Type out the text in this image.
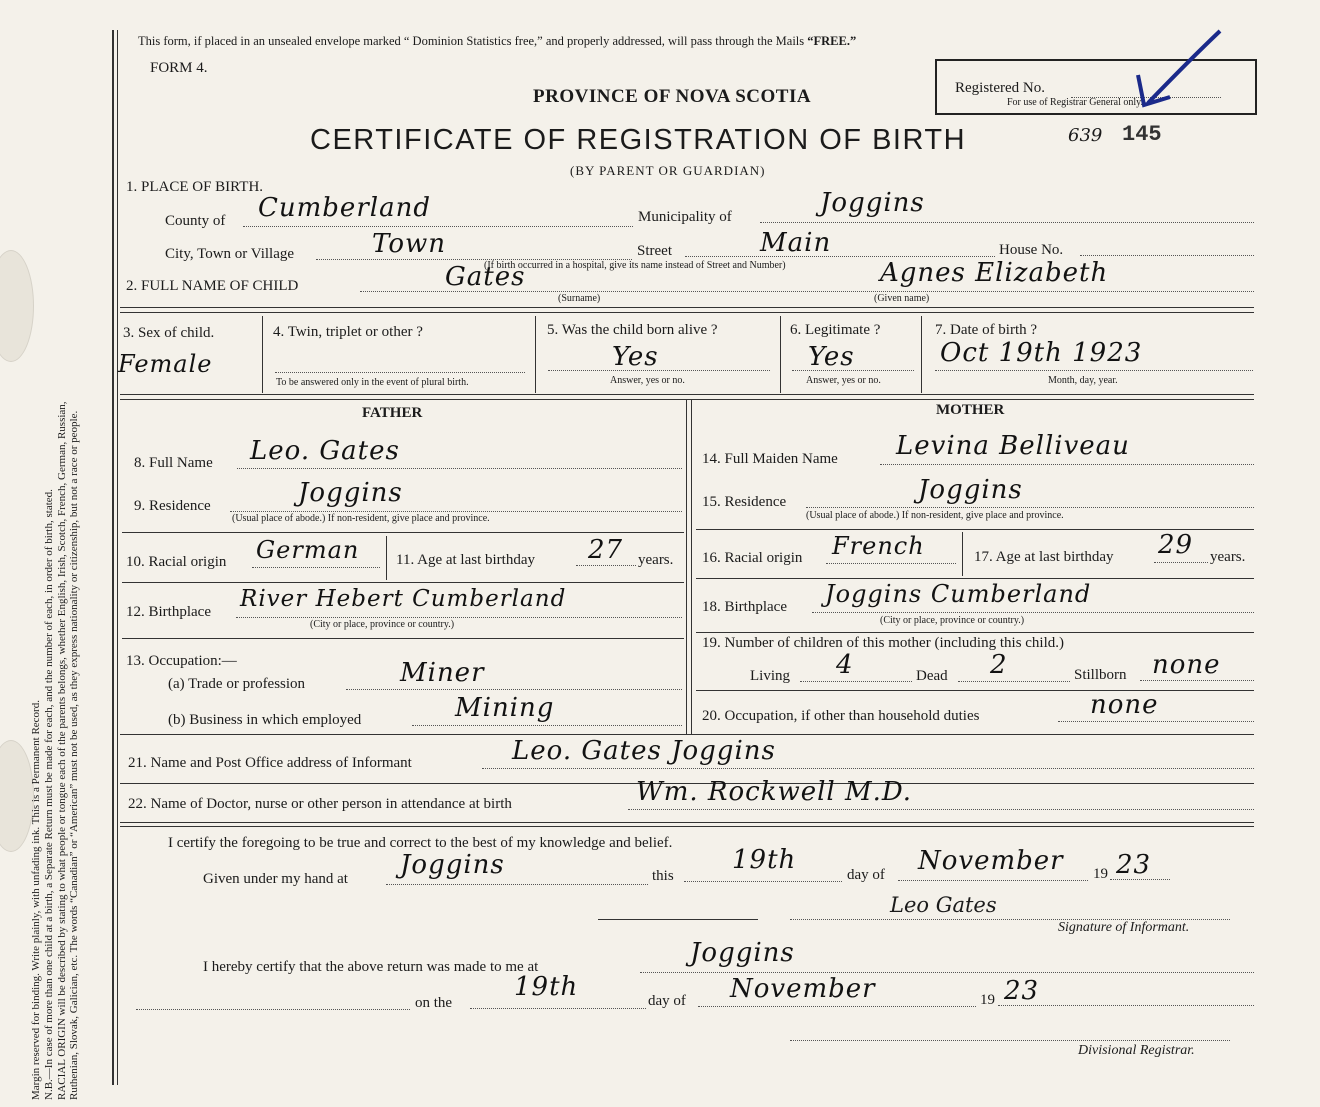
Margin reserved for binding. Write plainly, with unfading ink. This is a Permanent Record. N.B.—In case of more than one child at a birth, a Separate Return must be made for each, and the number of each, in order of birth, stated. RACIAL ORIGIN will be described by stating to what people or tongue each of the parents belongs, whether English, Irish, Scotch, French, German, Russian, Ruthenian, Slovak, Galician, etc. The words “Canadian” or “American” must not be used, as they express nationality or citizenship, but not a race or people.
This form, if placed in an unsealed envelope marked “ Dominion Statistics free,” and properly addressed, will pass through the Mails “FREE.”
FORM 4.
PROVINCE OF NOVA SCOTIA
CERTIFICATE OF REGISTRATION OF BIRTH
(BY PARENT OR GUARDIAN)
Registered No.
For use of Registrar General only.
639 145
1. PLACE OF BIRTH.
County of Cumberland	Municipality of	Joggins
City, Town or Village	Town	Street	Main	House No.
(If birth occurred in a hospital, give its name instead of Street and Number)
2. FULL NAME OF CHILD	Gates
(Surname)
Agnes Elizabeth
(Given name)
3. Sex of child.
Female
4. Twin, triplet or other ?
To be answered only in the event of plural birth.
5. Was the child born alive ?
Yes
Answer, yes or no.
6. Legitimate ?
Yes
Answer, yes or no.
7. Date of birth ?
Oct 19th 1923
Month, day, year.
FATHER	MOTHER
8. Full Name Leo. Gates
9. Residence	Joggins
(Usual place of abode.) If non-resident, give place and province.
10. Racial origin German 11. Age at last birthday 27 years.
12. Birthplace River Hebert Cumberland
(City or place, province or country.)
13. Occupation:—
(a) Trade or profession	Miner
(b) Business in which employed	Mining
14. Full Maiden Name Levina Belliveau
15. Residence	Joggins
(Usual place of abode.) If non-resident, give place and province.
16. Racial origin French	17. Age at last birthday 29 years.
18. Birthplace Joggins Cumberland
(City or place, province or country.)
19. Number of children of this mother (including this child.)
Living 4	Dead 2	Stillborn none
20. Occupation, if other than household duties	none
21. Name and Post Office address of Informant	Leo. Gates Joggins
22. Name of Doctor, nurse or other person in attendance at birth	Wm. Rockwell M.D.
I certify the foregoing to be true and correct to the best of my knowledge and belief.
Given under my hand at Joggins	this
19th	day of November 19 23
Leo Gates
Signature of Informant.
I hereby certify that the above return was made to me at	Joggins
on the
19th	day of November	19 23
Divisional Registrar.
